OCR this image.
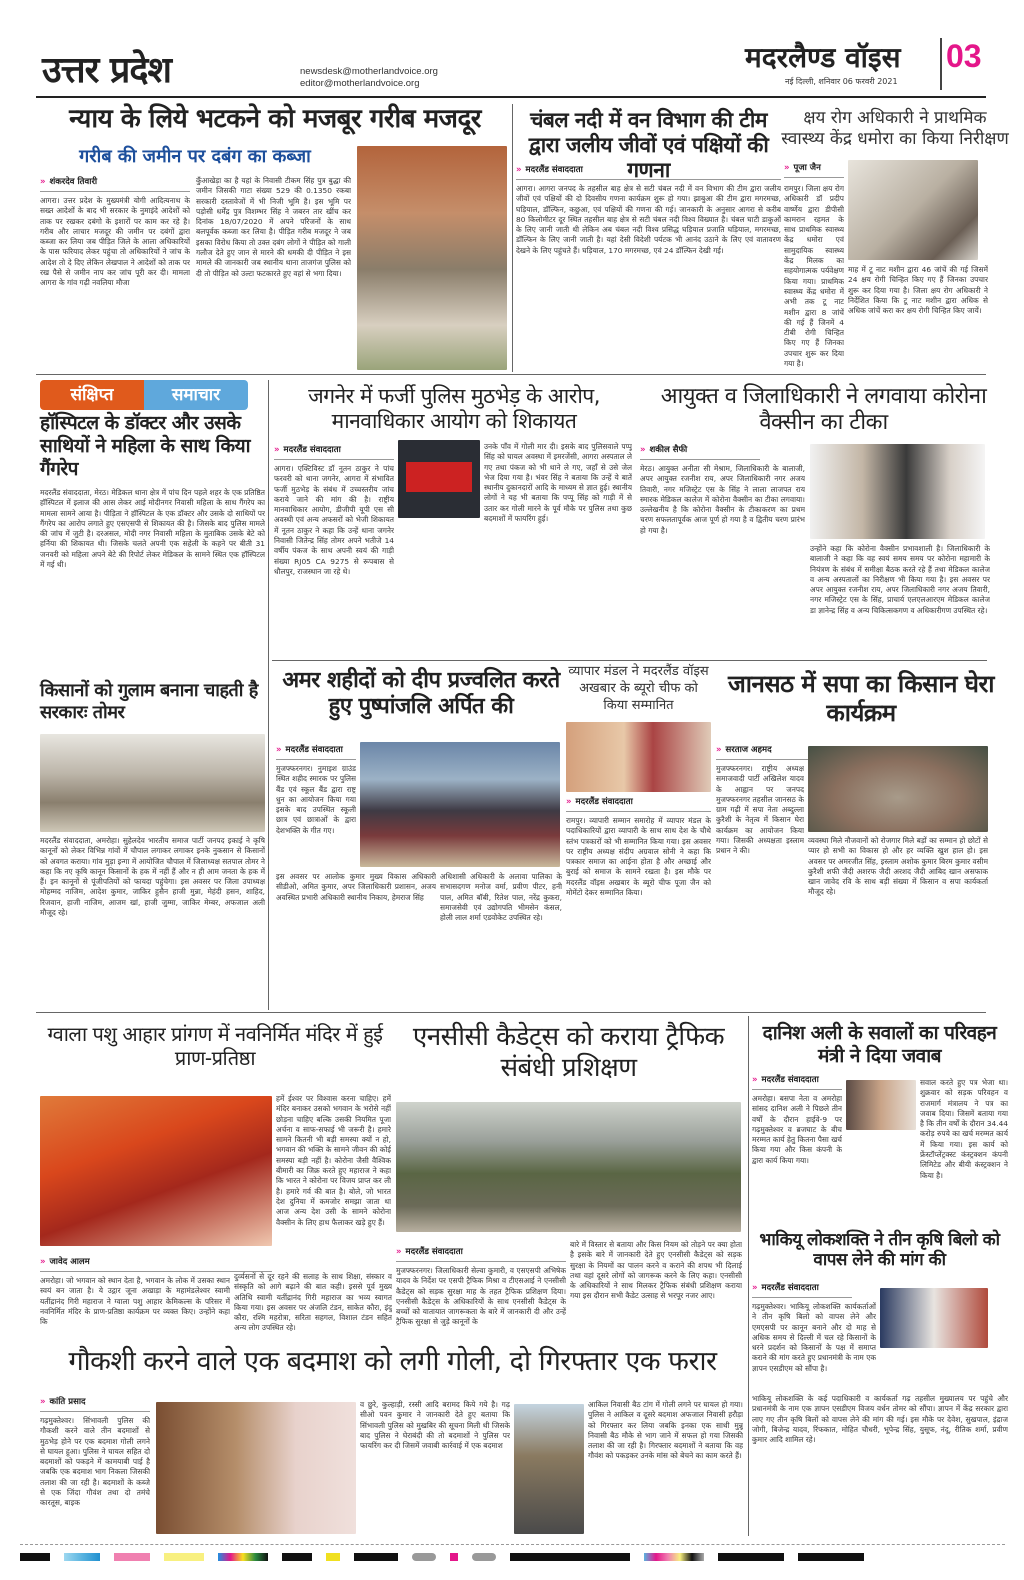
उत्तर प्रदेश	newsdesk@motherlandvoice.org
editor@motherlandvoice.org
मदरलैण्ड वॉइस 03
नई दिल्ली, शनिवार 06 फरवरी 2021
न्याय के लिये भटकने को मजबूर गरीब मजदूर
गरीब की जमीन पर दबंग का कब्जा
» शंकरदेव तिवारी
आगरा। उत्तर प्रदेश के मुख्यमंत्री योगी आदित्यनाथ के सख्त आदेशों के बाद भी सरकार के नुमाइंदे आदेशों को ताक पर रखकर दबंगो के इशारों पर काम कर रहे है। गरीब और लाचार मजदूर की जमीन पर दबंगों द्वारा कब्जा कर लिया जब पीड़ित जिले के आला अधिकारियों के पास फरियाद लेकर पहुंचा तो अधिकारियों ने जांच के आदेश तो दे दिए लेकिन लेखपाल ने आदेशों को ताक पर रख पैसे से जमीन नाप कर जांच पूरी कर दी। मामला आगरा के गांव गढ़ी नवलिया मौजा
कुँआखेड़ा का है यहां के निवासी टीकम सिंह पुत्र बुद्धा की जमीन जिसकी गाटा संख्या 529 की 0.1350 रकबा सरकारी दस्तावेजों में भी निजी भूमि है। इस भूमि पर पड़ोसी धर्मेंद्र पुत्र विशम्भर सिंह ने जबरन तार खींच कर दिनांक 18/07/2020 में अपने परिजनों के साथ बलपूर्वक कब्जा कर लिया है। पीड़ित गरीब मजदूर ने जब इसका विरोध किया तो उक्त दबंग लोगों ने पीड़ित को गाली गलौज देते हुए जान से मारने की धमकी दी पीड़ित ने इस मामले की जानकारी जब स्थानीय थाना ताजगंज पुलिस को दी तो पीड़ित को उल्टा फटकारते हुए वहां से भगा दिया।
चंबल नदी में वन विभाग की टीम द्वारा जलीय जीवों एवं पक्षियों की गणना
» मदरलैंड संवाददाता
आगरा। आगरा जनपद के तहसील बाह क्षेत्र से सटी चंबल नदी में वन विभाग की टीम द्वारा जलीय जीवों एवं पक्षियों की दो दिवसीय गणना कार्यक्रम शुरू हो गया। झाबुआ की टीम द्वारा मगरमच्छ, घड़ियाल, डॉल्फिन, कछुआ, एवं पक्षियों की गणना की गई। जानकारी के अनुसार आगरा से करीब 80 किलोमीटर दूर स्थित तहसील बाह क्षेत्र से सटी चंबल नदी विश्व विख्यात है। चंबल घाटी डाकुओं के लिए जानी जाती थी लेकिन अब चंबल नदी विश्व प्रसिद्ध घड़ियाल प्रजाति घड़ियाल, मगरमच्छ, डॉल्फिन के लिए जानी जाती है। यहां देसी विदेशी पर्यटक भी आनंद उठाने के लिए एवं वातावरण देखने के लिए पहुंचते हैं। घड़ियाल, 170 मगरमच्छ, एवं 24 डॉल्फिन देखी गई।
क्षय रोग अधिकारी ने प्राथमिक स्वास्थ्य केंद्र धमोरा का किया निरीक्षण
» पूजा जैन
रामपुर। जिला क्षय रोग अधिकारी डॉ प्रदीप वार्ष्णेय द्वारा डीपीसी कामरान रहमत के साथ प्राथमिक स्वास्थ्य केंद्र धमोरा एवं सामुदायिक स्वास्थ्य केंद्र मिलक का सहयोगात्मक पर्यवेक्षण किया गया। प्राथमिक स्वास्थ्य केंद्र धमोरा में अभी तक टू नाट मशीन द्वारा 8 जांचें की गई हैं जिनमें 4 टीबी रोगी चिन्हित किए गए हैं जिनका उपचार शुरू कर दिया गया है।
माह में टू नाट मशीन द्वारा 46 जांचें की गई जिसमें 24 क्षय रोगी चिन्हित किए गए हैं जिनका उपचार शुरू कर दिया गया है। जिला क्षय रोग अधिकारी ने निर्देशित किया कि टू नाट मशीन द्वारा अधिक से अधिक जांचें करा कर क्षय रोगी चिन्हित किए जायें।
संक्षिप्त	समाचार
हॉस्पिटल के डॉक्टर और उसके साथियों ने महिला के साथ किया गैंगरेप
मदरलैंड संवाददाता, मेरठ। मेडिकल थाना क्षेत्र में पांच दिन पहले शहर के एक प्रतिष्ठित हॉस्पिटल में इलाज की आस लेकर आई मोदीनगर निवासी महिला के साथ गैंगरेप का मामला सामने आया है। पीड़िता ने हॉस्पिटल के एक डॉक्टर और उसके दो साथियों पर गैंगरेप का आरोप लगाते हुए एसएसपी से शिकायत की है। जिसके बाद पुलिस मामले की जांच में जुटी है। दरअसल, मोदी नगर निवासी महिला के मुताबिक उसके बेटे को हर्निया की शिकायत थी। जिसके चलते अपनी एक सहेली के कहने पर बीती 31 जनवरी को महिला अपने बेटे की रिपोर्ट लेकर मेडिकल के सामने स्थित एक हॉस्पिटल में गई थी।
जगनेर में फर्जी पुलिस मुठभेड़ के आरोप, मानवाधिकार आयोग को शिकायत
» मदरलैंड संवाददाता
आगरा। एक्टिविस्ट डॉ नूतन ठाकुर ने पांच फरवरी को थाना जगनेर, आगरा में संभावित फर्जी मुठभेड़ के संबंध में उच्चस्तरीय जांच कराये जाने की मांग की है। राष्ट्रीय मानवाधिकार आयोग, डीजीपी यूपी एस सी अवस्थी एवं अन्य अफसरों को भेजी शिकायत में नूतन ठाकुर ने कहा कि उन्हें थाना जगनेर निवासी जितेन्द्र सिंह तोमर अपने भतीजे 14 वर्षीय पंकज के साथ अपनी स्वयं की गाड़ी संख्या RJ05 CA 9275 से रूपबास से धौलपुर, राजस्थान जा रहे थे।
उनके पाँव में गोली मार दी। इसके बाद पुलिसवाले पप्पू सिंह को घायल अवस्था में इमरजेंसी, आगरा अस्पताल ले गए तथा पंकज को भी थाने ले गए, जहाँ से उसे जेल भेज दिया गया है। भंवर सिंह ने बताया कि उन्हें ये बातें स्थानीय दुकानदारों आदि के माध्यम से ज्ञात हुई। स्थानीय लोगों ने यह भी बताया कि पप्पू सिंह को गाड़ी में से उतार कर गोली मारने के पूर्व मौके पर पुलिस तथा कुछ बदमाशों में फायरिंग हुई।
आयुक्त व जिलाधिकारी ने लगवाया कोरोना वैक्सीन का टीका
» शकील सैफी
मेरठ। आयुक्त अनीता सी मेश्राम, जिलाधिकारी के बालाजी, अपर आयुक्त रजनीश राय, अपर जिलाधिकारी नगर अजय तिवारी, नगर मजिस्ट्रेट एस के सिंह ने लाला लाजपत राय स्मारक मेडिकल कालेज में कोरोना वैक्सीन का टीका लगवाया। उल्लेखनीय है कि कोरोना वैक्सीन के टीकाकरण का प्रथम चरण सफलतापूर्वक आज पूर्ण हो गया है व द्वितीय चरण प्रारंभ हो गया है।
उन्होंने कहा कि कोरोना वैक्सीन प्रभावशाली है। जिलाधिकारी के बालाजी ने कहा कि वह स्वयं समय समय पर कोरोना महामारी के नियंत्रण के संबंध में समीक्षा बैठक करते रहे हैं तथा मेडिकल कालेज व अन्य अस्पतालों का निरीक्षण भी किया गया है। इस अवसर पर अपर आयुक्त रजनीश राय, अपर जिलाधिकारी नगर अजय तिवारी, नगर मजिस्ट्रेट एस के सिंह, प्राचार्य एलएलआरएम मेडिकल कालेज डा ज्ञानेन्द्र सिंह व अन्य चिकित्सकगण व अधिकारीगण उपस्थित रहे।
किसानों को गुलाम बनाना चाहती है सरकारः तोमर
मदरलैंड संवाददाता, अमरोहा। सुहेलदेव भारतीय समाज पार्टी जनपद इकाई ने कृषि कानूनों को लेकर विभिन्न गांवों में चौपाल लगाकर लगाकर इनके नुकसान से किसानों को अवगत कराया। गांव मुड़ा इन्गा में आयोजित चौपाल में जिलाध्यक्ष सतपाल तोमर ने कहा कि नए कृषि कानून किसानों के हक में नहीं हैं और न ही आम जनता के हक में हैं। इन कानूनों से पूंजीपतियों को फायदा पहुंचेगा। इस अवसर पर जिला उपाध्यक्ष मोहम्मद नाजिम, आदेश कुमार, जाकिर हुसैन हाजी मुन्ना, मेहंदी हसन, शाहिद, रिजवान, हाजी नाजिम, आजम खां, हाजी जुम्मा, जाकिर मेम्बर, अफजाल अली मौजूद रहे।
अमर शहीदों को दीप प्रज्वलित करते हुए पुष्पांजलि अर्पित की
» मदरलैंड संवाददाता
मुजफ्फरनगर। नुमाइश ग्राउंड स्थित शहीद स्मारक पर पुलिस बैंड एवं स्कूल बैंड द्वारा राष्ट्र धुन का आयोजन किया गया इसके बाद उपस्थित स्कूली छात्र एवं छात्राओं के द्वारा देशभक्ति के गीत गए।
इस अवसर पर आलोक कुमार मुख्य विकास अधिकारी सीडीओ, अमित कुमार, अपर जिलाधिकारी प्रशासन, अजय अवस्थित प्रभारी अधिकारी स्थानीय निकाय, हेमराज सिंह
अधिशासी अधिकारी के अलावा पालिका के सभासदगण मनोज वर्मा, प्रवीण पीटर, हनी पाल, अमित बॉबी, रितेश पाल, नरेंद्र कुकरा, समाजसेवी एवं उद्योगपति भीमसेन कंसल, होली लाल शर्मा एडवोकेट उपस्थित रहे।
व्यापार मंडल ने मदरलैंड वॉइस अखबार के ब्यूरो चीफ को किया सम्मानित
» मदरलैंड संवाददाता
रामपुर। व्यापारी सम्मान समारोह में व्यापार मंडल के पदाधिकारियों द्वारा व्यापारी के साथ साथ देश के चौथे स्तंभ पत्रकारों को भी सम्मानित किया गया। इस अवसर पर राष्ट्रीय अध्यक्ष संदीप अग्रवाल सोनी ने कहा कि पत्रकार समाज का आईना होता है और अच्छाई और बुराई को समाज के सामने रखता है। इस मौके पर मदरलैंड वॉइस अखबार के ब्यूरो चीफ पूजा जैन को मोमेंटो देकर सम्मानित किया।
जानसठ में सपा का किसान घेरा कार्यक्रम
» सरताज अहमद
मुजफ्फरनगर। राष्ट्रीय अध्यक्ष समाजवादी पार्टी अखिलेश यादव के आह्वान पर जनपद मुजफ्फरनगर तहसील जानसठ के ग्राम गढ़ी में सपा नेता अब्दुल्ला कुरैशी के नेतृत्व में किसान घेरा कार्यक्रम का आयोजन किया गया। जिसकी अध्यक्षता इस्लाम प्रधान ने की।
व्यवस्था मिले नौजवानों को रोजगार मिले बड़ों का सम्मान हो छोटों से प्यार हो सभी का विकास हो और हर व्यक्ति खुश हाल हो। इस अवसर पर अमरजीत सिंह, इस्लाम अशोक कुमार बिरम कुमार वसीम कुरैशी शफी जैदी अशरफ जैदी अरशद जैदी आबिद खान असफाक खान जावेद रवि के साथ बड़ी संख्या में किसान व सपा कार्यकर्ता मौजूद रहे।
ग्वाला पशु आहार प्रांगण में नवनिर्मित मंदिर में हुई प्राण-प्रतिष्ठा
हमें ईश्वर पर विश्वास करना चाहिए। हमें मंदिर बनाकर उसको भगवान के भरोसे नहीं छोड़ना चाहिए बल्कि उसकी नियमित पूजा अर्चना व साफ-सफाई भी जरूरी है। हमारे सामने कितनी भी बड़ी समस्या क्यों न हो, भगवान की भक्ति के सामने जीवन की कोई समस्या बड़ी नहीं है। कोरोना जैसी वैश्विक बीमारी का जिक्र करते हुए महाराज ने कहा कि भारत ने कोरोना पर विजय प्राप्त कर ली है। हमारे गर्व की बात है। बोले, जो भारत देश दुनिया में कमजोर समझा जाता था आज अन्य देश उसी के सामने कोरोना वैक्सीन के लिए हाथ फैलाकर खड़े हुए हैं।
» जावेद आलम
अमरोहा। जो भगवान को स्थान देता है, भगवान के लोक में उसका स्थान स्वयं बन जाता है। ये उद्गार जूना अखाड़ा के महामंडलेश्वर स्वामी यतींद्रानंद गिरी महाराज ने ग्वाला पशु आहार केमिकल्स के परिसर में नवनिर्मित मंदिर के प्राण-प्रतिष्ठा कार्यक्रम पर व्यक्त किए। उन्होंने कहा कि
दुर्व्यसनों से दूर रहने की सलाह के साथ शिक्षा, संस्कार व संस्कृति को आगे बढ़ाने की बात कही। इससे पूर्व मुख्य अतिथि स्वामी यतींद्रानंद गिरी महाराज का भव्य स्वागत किया गया। इस अवसर पर अंजलि टंडन, साकेत कौरा, इंदु कौरा, रश्मि महरोत्रा, सरिता सहगल, विशाल टंडन सहित अन्य लोग उपस्थित रहे।
एनसीसी कैडेट्स को कराया ट्रैफिक संबंधी प्रशिक्षण
» मदरलैंड संवाददाता
मुजफ्फरनगर। जिलाधिकारी सेल्वा कुमारी, व एसएसपी अभिषेक यादव के निर्देश पर एसपी ट्रैफिक मिश्रा व टीएसआई ने एनसीसी कैडेट्स को सड़क सुरक्षा माह के तहत ट्रैफिक प्रशिक्षण दिया। एनसीसी कैडेट्स के अधिकारियों के साथ एनसीसी कैडेट्स के बच्चों को यातायात जागरूकता के बारे में जानकारी दी और उन्हें ट्रैफिक सुरक्षा से जुड़े कानूनों के
बारे में विस्तार से बताया और किस नियम को तोड़ने पर क्या होता है इसके बारे में जानकारी देते हुए एनसीसी कैडेट्स को सड़क सुरक्षा के नियमों का पालन करने व कराने की शपथ भी दिलाई तथा वहां दूसरे लोगों को जागरूक करने के लिए कहा। एनसीसी के अधिकारियों ने साथ मिलकर ट्रैफिक संबंधी प्रशिक्षण कराया गया इस दौरान सभी कैडेट उत्साह से भरपूर नजर आए।
दानिश अली के सवालों का परिवहन मंत्री ने दिया जवाब
» मदरलैंड संवाददाता
अमरोहा। बसपा नेता व अमरोहा सांसद दानिश अली ने पिछले तीन वर्षों के दौरान हाईवे-9 पर गढ़मुक्तेश्वर व ब्रजघाट के बीच मरम्मत कार्य हेतु कितना पैसा खर्च किया गया और किस कंपनी के द्वारा कार्य किया गया।
सवाल करते हुए पत्र भेजा था। शुक्रवार को सड़क परिवहन व राजमार्ग मंत्रालय ने पत्र का जवाब दिया। जिसमें बताया गया है कि तीन वर्षों के दौरान 34.44 करोड़ रुपये का खर्च मरम्मत कार्य में किया गया। इस कार्य को फ्रेंस्टॉप्लेंट्रक्स्ट कंस्ट्रक्शन कंपनी लिमिटेड और बीयी कंस्ट्रक्शन ने किया है।
भाकियू लोकशक्ति ने तीन कृषि बिलो को वापस लेने की मांग की
» मदरलैंड संवाददाता
गढ़मुक्तेश्वर। भाकियू लोकशक्ति कार्यकर्ताओं ने तीन कृषि बिलो को वापस लेने और एमएसपी पर कानून बनाने और दो माह से अधिक समय से दिल्ली में चल रहे किसानों के धरने प्रदर्शन को किसानों के पक्ष में समाप्त कराने की मांग करते हुए प्रधानमंत्री के नाम एक ज्ञापन एसडीएम को सौंपा है।
भाकियू लोकशक्ति के कई पदाधिकारी व कार्यकर्ता गढ़ तहसील मुख्यालय पर पहुंचे और प्रधानमंत्री के नाम एक ज्ञापन एसडीएम विजय वर्धन तोमर को सौंपा। ज्ञापन में केंद्र सरकार द्वारा लाए गए तीन कृषि बिलों को वापस लेने की मांग की गई। इस मौके पर देवेश, सुखपाल, इंद्राज जोगी, बिजेन्द्र यादव, रिंफकात, मोहित चौधरी, भूपेन्द्र सिंह, युसूफ, नंदू, रीतिक शर्मा, प्रवीण कुमार आदि शामिल रहे।
गौकशी करने वाले एक बदमाश को लगी गोली, दो गिरफ्तार एक फरार
» कांति प्रसाद
गढ़मुक्तेश्वर। सिंभावली पुलिस की गौकशी करने वाले तीन बदमाशों से मुठभेड़ होने पर एक बदमाश गोली लगने से घायल हुआ। पुलिस ने घायल सहित दो बदमाशों को पकड़ने में कामयाबी पाई है जबकि एक बदमाश भाग निकला जिसकी तलाश की जा रही है। बदमाशों के कब्जे से एक जिंदा गौवंश तथा दो तमंचे कारतूस, बाइक
व छुरे, कुल्हाड़ी, रस्सी आदि बरामद किये गये है। गढ़ सीओ पवन कुमार ने जानकारी देते हुए बताया कि सिंभावली पुलिस को मुखबिर की सूचना मिली थी जिसके बाद पुलिस ने घेराबंदी की तो बदमाशों ने पुलिस पर फायरिंग कर दी जिसमें जवाबी कार्रवाई में एक बदमाश
आकिल निवासी बैठ टांग में गोली लगने पर घायल हो गया। पुलिस ने आकिल व दूसरे बदमाश अफजाल निवासी हरौड़ा को गिरफ्तार कर लिया जबकि इनका एक साथी मुन्नू निवासी बैठ मौके से भाग जाने में सफल हो गया जिसकी तलाश की जा रही है। गिरफ्तार बदमाशों ने बताया कि वह गौवंश को पकड़कर उनके मांस को बेचने का काम करते हैं।
